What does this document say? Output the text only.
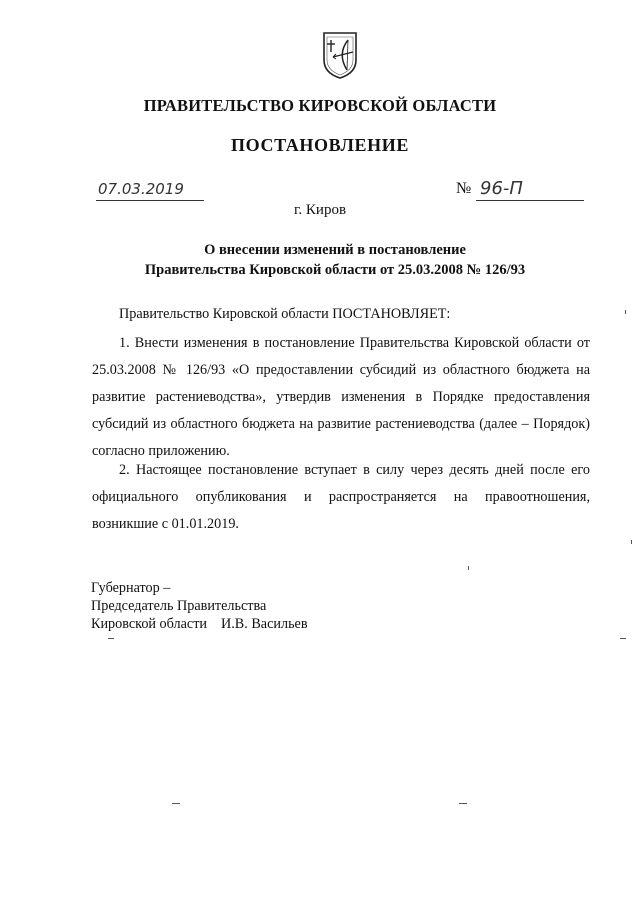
ПРАВИТЕЛЬСТВО КИРОВСКОЙ ОБЛАСТИ
ПОСТАНОВЛЕНИЕ
07.03.2019	№ 96-П
г. Киров
О внесении изменений в постановление
Правительства Кировской области от 25.03.2008 № 126/93
Правительство Кировской области ПОСТАНОВЛЯЕТ:
1. Внести изменения в постановление Правительства Кировской области от 25.03.2008 № 126/93 «О предоставлении субсидий из областного бюджета на развитие растениеводства», утвердив изменения в Порядке предоставления субсидий из областного бюджета на развитие растениеводства (далее – Порядок) согласно приложению.
2. Настоящее постановление вступает в силу через десять дней после его официального опубликования и распространяется на правоотношения, возникшие с 01.01.2019.
Губернатор –
Председатель Правительства
Кировской области И.В. Васильев
